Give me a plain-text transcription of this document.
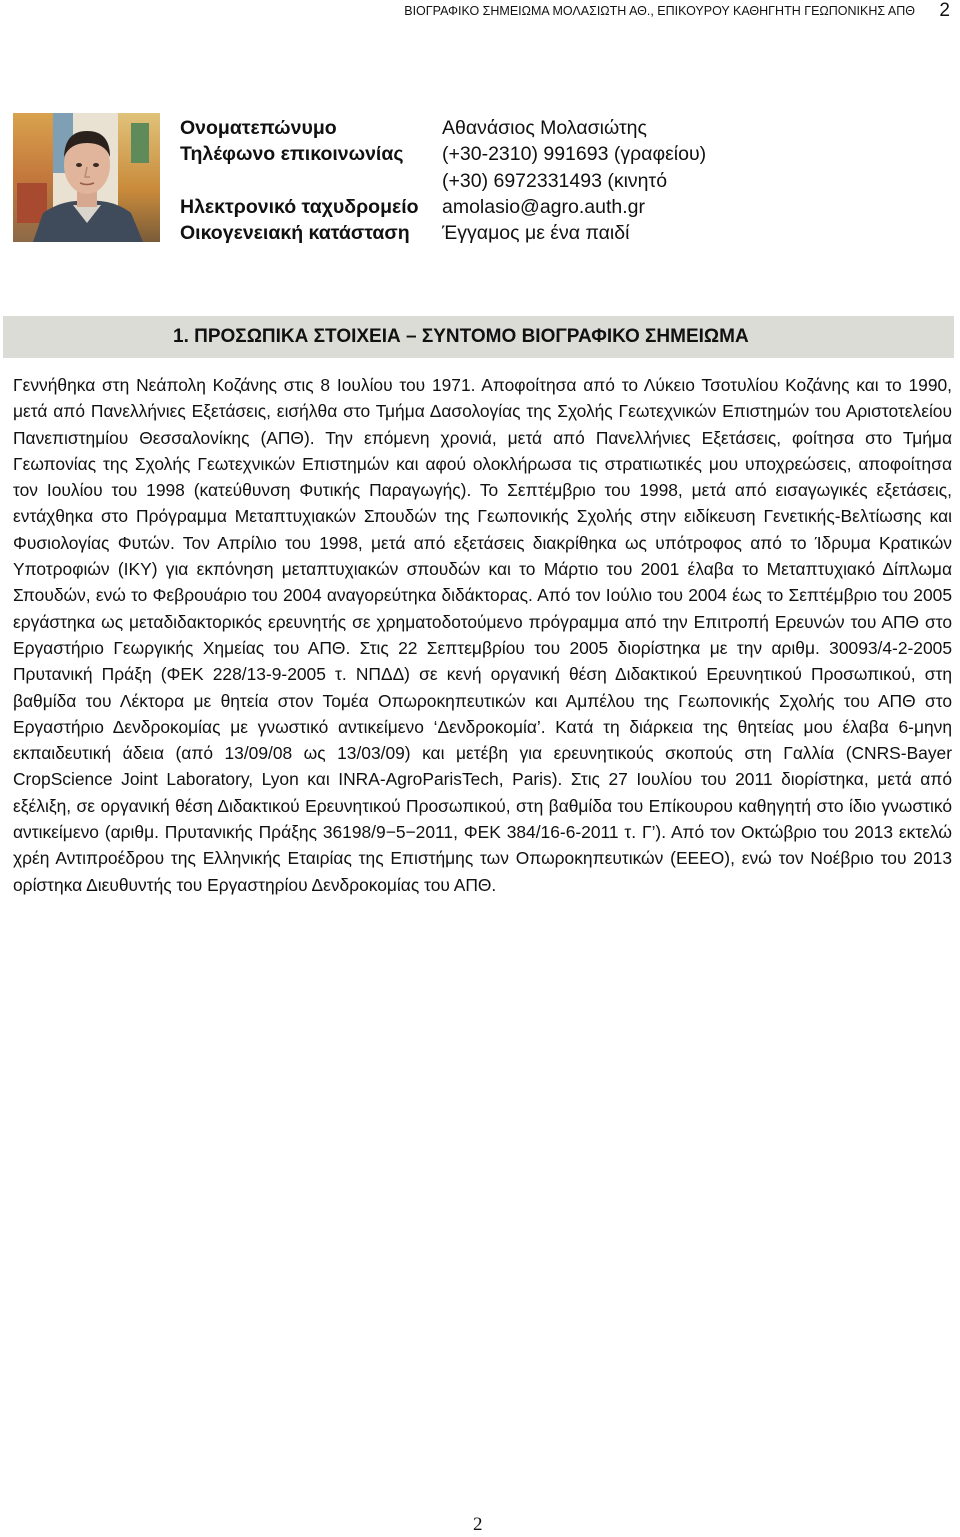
ΒΙΟΓΡΑΦΙΚΟ ΣΗΜΕΙΩΜΑ ΜΟΛΑΣΙΩΤΗ ΑΘ., ΕΠΙΚΟΥΡΟΥ ΚΑΘΗΓΗΤΗ ΓΕΩΠΟΝΙΚΗΣ ΑΠΘ 2
Ονοματεπώνυμο	Αθανάσιος Μολασιώτης
Τηλέφωνο επικοινωνίας	(+30-2310) 991693 (γραφείου)
(+30) 6972331493 (κινητό
Ηλεκτρονικό ταχυδρομείο	amolasio@agro.auth.gr
Οικογενειακή κατάσταση	Έγγαμος με ένα παιδί
1. ΠΡΟΣΩΠΙΚΑ ΣΤΟΙΧΕΙΑ – ΣΥΝΤΟΜΟ ΒΙΟΓΡΑΦΙΚΟ ΣΗΜΕΙΩΜΑ

Γεννήθηκα στη Νεάπολη Κοζάνης στις 8 Ιουλίου του 1971. Αποφοίτησα από το Λύκειο Τσοτυλίου Κοζάνης και το 1990, μετά από Πανελλήνιες Εξετάσεις, εισήλθα στο Τμήμα Δασολογίας της Σχολής Γεωτεχνικών Επιστημών του Αριστοτελείου Πανεπιστημίου Θεσσαλονίκης (ΑΠΘ). Την επόμενη χρονιά, μετά από Πανελλήνιες Εξετάσεις, φοίτησα στο Τμήμα Γεωπονίας της Σχολής Γεωτεχνικών Επιστημών και αφού ολοκλήρωσα τις στρατιωτικές μου υποχρεώσεις, αποφοίτησα τον Ιουλίου του 1998 (κατεύθυνση Φυτικής Παραγωγής). Το Σεπτέμβριο του 1998, μετά από εισαγωγικές εξετάσεις, εντάχθηκα στο Πρόγραμμα Μεταπτυχιακών Σπουδών της Γεωπονικής Σχολής στην ειδίκευση Γενετικής-Βελτίωσης και Φυσιολογίας Φυτών. Τον Απρίλιο του 1998, μετά από εξετάσεις διακρίθηκα ως υπότροφος από το Ίδρυμα Κρατικών Υποτροφιών (ΙΚΥ) για εκπόνηση μεταπτυχιακών σπουδών και το Μάρτιο του 2001 έλαβα το Μεταπτυχιακό Δίπλωμα Σπουδών, ενώ το Φεβρουάριο του 2004 αναγορεύτηκα διδάκτορας. Από τον Ιούλιο του 2004 έως το Σεπτέμβριο του 2005 εργάστηκα ως μεταδιδακτορικός ερευνητής σε χρηματοδοτούμενο πρόγραμμα από την Επιτροπή Ερευνών του ΑΠΘ στο Εργαστήριο Γεωργικής Χημείας του ΑΠΘ. Στις 22 Σεπτεμβρίου του 2005 διορίστηκα με την αριθμ. 30093/4-2-2005 Πρυτανική Πράξη (ΦΕΚ 228/13-9-2005 τ. ΝΠΔΔ) σε κενή οργανική θέση Διδακτικού Ερευνητικού Προσωπικού, στη βαθμίδα του Λέκτορα με θητεία στον Τομέα Οπωροκηπευτικών και Αμπέλου της Γεωπονικής Σχολής του ΑΠΘ στο Εργαστήριο Δενδροκομίας με γνωστικό αντικείμενο ‘Δενδροκομία’. Κατά τη διάρκεια της θητείας μου έλαβα 6-μηνη εκπαιδευτική άδεια (από 13/09/08 ως 13/03/09) και μετέβη για ερευνητικούς σκοπούς στη Γαλλία (CNRS-Bayer CropScience Joint Laboratory, Lyon και INRA-AgroParisTech, Paris). Στις 27 Ιουλίου του 2011 διορίστηκα, μετά από εξέλιξη, σε οργανική θέση Διδακτικού Ερευνητικού Προσωπικού, στη βαθμίδα του Επίκουρου καθηγητή στο ίδιο γνωστικό αντικείμενο (αριθμ. Πρυτανικής Πράξης 36198/9−5−2011, ΦΕΚ 384/16-6-2011 τ. Γ’). Από τον Οκτώβριο του 2013 εκτελώ χρέη Αντιπροέδρου της Ελληνικής Εταιρίας της Επιστήμης των Οπωροκηπευτικών (ΕΕΕΟ), ενώ τον Νοέβριο του 2013 ορίστηκα Διευθυντής του Εργαστηρίου Δενδροκομίας του ΑΠΘ.

2
